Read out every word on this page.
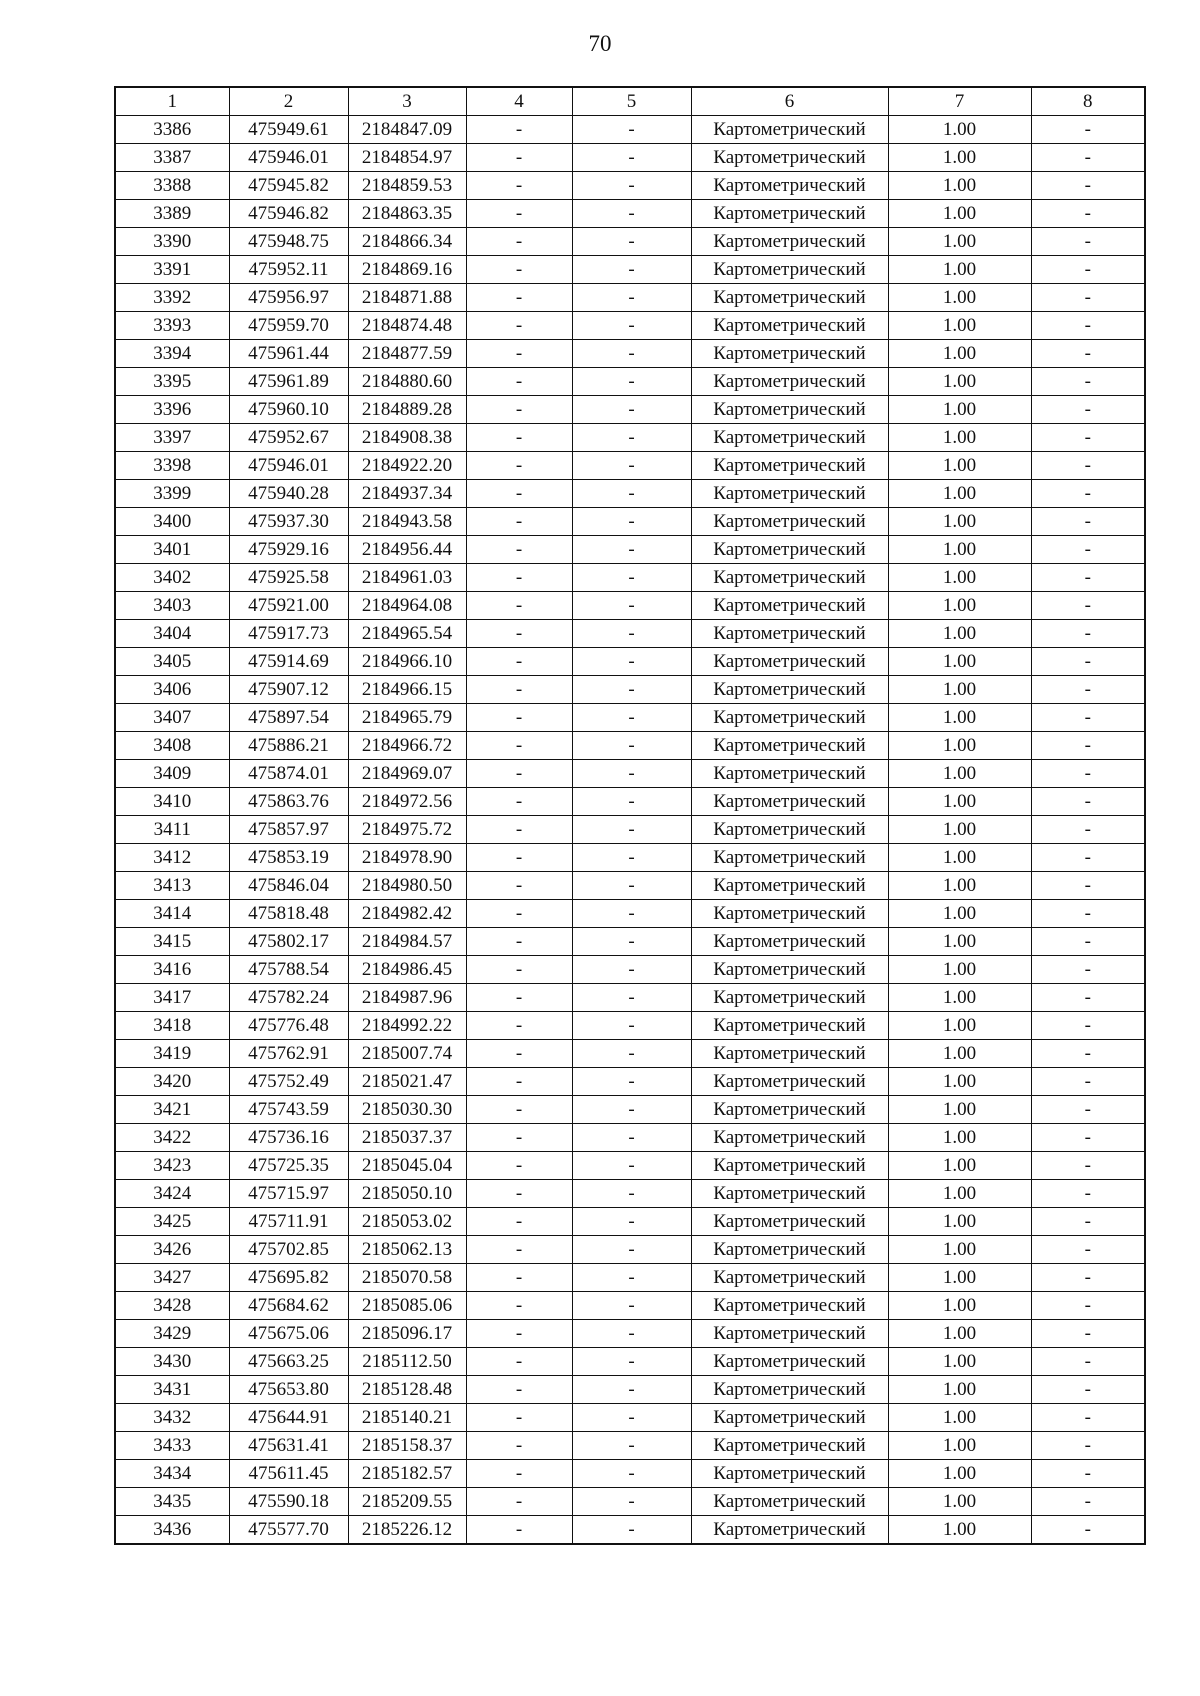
70
1	2	3	4	5	6	7	8
3386	475949.61	2184847.09	-	-	Картометрический	1.00	-
3387	475946.01	2184854.97	-	-	Картометрический	1.00	-
3388	475945.82	2184859.53	-	-	Картометрический	1.00	-
3389	475946.82	2184863.35	-	-	Картометрический	1.00	-
3390	475948.75	2184866.34	-	-	Картометрический	1.00	-
3391	475952.11	2184869.16	-	-	Картометрический	1.00	-
3392	475956.97	2184871.88	-	-	Картометрический	1.00	-
3393	475959.70	2184874.48	-	-	Картометрический	1.00	-
3394	475961.44	2184877.59	-	-	Картометрический	1.00	-
3395	475961.89	2184880.60	-	-	Картометрический	1.00	-
3396	475960.10	2184889.28	-	-	Картометрический	1.00	-
3397	475952.67	2184908.38	-	-	Картометрический	1.00	-
3398	475946.01	2184922.20	-	-	Картометрический	1.00	-
3399	475940.28	2184937.34	-	-	Картометрический	1.00	-
3400	475937.30	2184943.58	-	-	Картометрический	1.00	-
3401	475929.16	2184956.44	-	-	Картометрический	1.00	-
3402	475925.58	2184961.03	-	-	Картометрический	1.00	-
3403	475921.00	2184964.08	-	-	Картометрический	1.00	-
3404	475917.73	2184965.54	-	-	Картометрический	1.00	-
3405	475914.69	2184966.10	-	-	Картометрический	1.00	-
3406	475907.12	2184966.15	-	-	Картометрический	1.00	-
3407	475897.54	2184965.79	-	-	Картометрический	1.00	-
3408	475886.21	2184966.72	-	-	Картометрический	1.00	-
3409	475874.01	2184969.07	-	-	Картометрический	1.00	-
3410	475863.76	2184972.56	-	-	Картометрический	1.00	-
3411	475857.97	2184975.72	-	-	Картометрический	1.00	-
3412	475853.19	2184978.90	-	-	Картометрический	1.00	-
3413	475846.04	2184980.50	-	-	Картометрический	1.00	-
3414	475818.48	2184982.42	-	-	Картометрический	1.00	-
3415	475802.17	2184984.57	-	-	Картометрический	1.00	-
3416	475788.54	2184986.45	-	-	Картометрический	1.00	-
3417	475782.24	2184987.96	-	-	Картометрический	1.00	-
3418	475776.48	2184992.22	-	-	Картометрический	1.00	-
3419	475762.91	2185007.74	-	-	Картометрический	1.00	-
3420	475752.49	2185021.47	-	-	Картометрический	1.00	-
3421	475743.59	2185030.30	-	-	Картометрический	1.00	-
3422	475736.16	2185037.37	-	-	Картометрический	1.00	-
3423	475725.35	2185045.04	-	-	Картометрический	1.00	-
3424	475715.97	2185050.10	-	-	Картометрический	1.00	-
3425	475711.91	2185053.02	-	-	Картометрический	1.00	-
3426	475702.85	2185062.13	-	-	Картометрический	1.00	-
3427	475695.82	2185070.58	-	-	Картометрический	1.00	-
3428	475684.62	2185085.06	-	-	Картометрический	1.00	-
3429	475675.06	2185096.17	-	-	Картометрический	1.00	-
3430	475663.25	2185112.50	-	-	Картометрический	1.00	-
3431	475653.80	2185128.48	-	-	Картометрический	1.00	-
3432	475644.91	2185140.21	-	-	Картометрический	1.00	-
3433	475631.41	2185158.37	-	-	Картометрический	1.00	-
3434	475611.45	2185182.57	-	-	Картометрический	1.00	-
3435	475590.18	2185209.55	-	-	Картометрический	1.00	-
3436	475577.70	2185226.12	-	-	Картометрический	1.00	-
